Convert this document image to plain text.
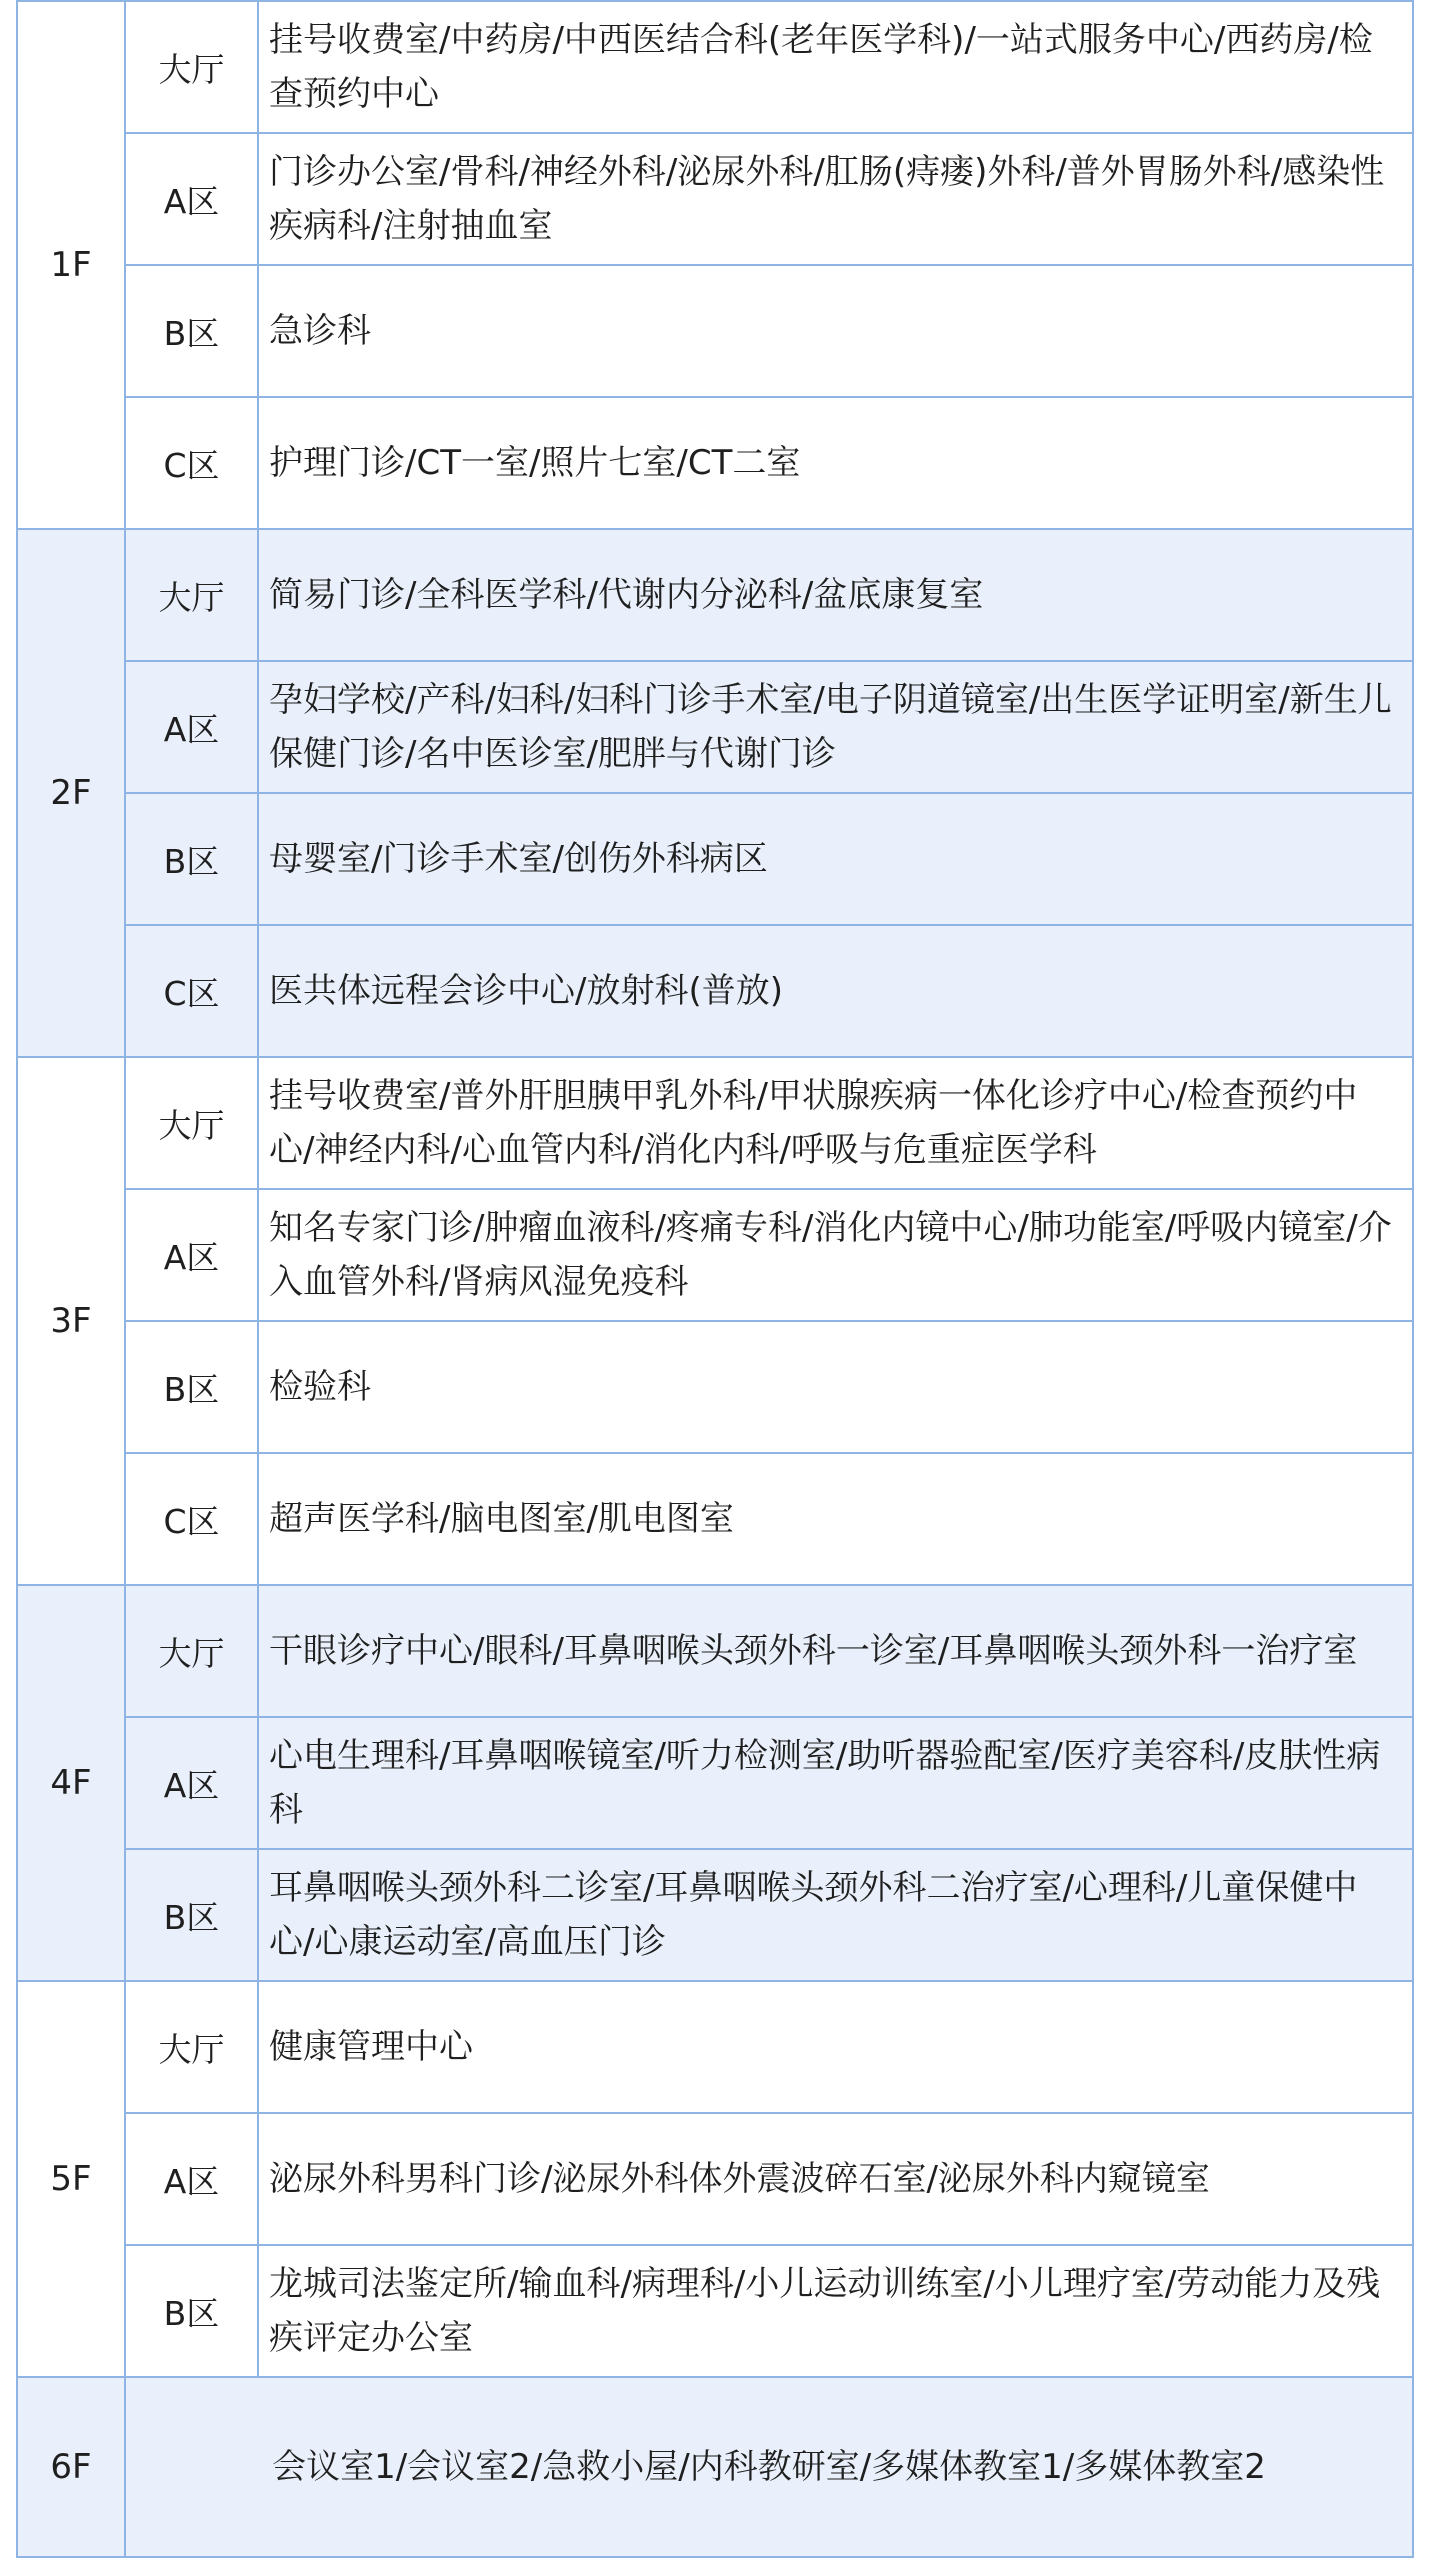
1F	大厅	挂号收费室/中药房/中西医结合科(老年医学科)/一站式服务中心/西药房/检查预约中心

	A区	门诊办公室/骨科/神经外科/泌尿外科/肛肠(痔瘘)外科/普外胃肠外科/感染性疾病科/注射抽血室

	B区	急诊科

	C区	护理门诊/CT一室/照片七室/CT二室

2F	大厅	简易门诊/全科医学科/代谢内分泌科/盆底康复室

	A区	孕妇学校/产科/妇科/妇科门诊手术室/电子阴道镜室/出生医学证明室/新生儿保健门诊/名中医诊室/肥胖与代谢门诊

	B区	母婴室/门诊手术室/创伤外科病区

	C区	医共体远程会诊中心/放射科(普放)

3F	大厅	挂号收费室/普外肝胆胰甲乳外科/甲状腺疾病一体化诊疗中心/检查预约中心/神经内科/心血管内科/消化内科/呼吸与危重症医学科

	A区	知名专家门诊/肿瘤血液科/疼痛专科/消化内镜中心/肺功能室/呼吸内镜室/介入血管外科/肾病风湿免疫科

	B区	检验科

	C区	超声医学科/脑电图室/肌电图室

4F	大厅	干眼诊疗中心/眼科/耳鼻咽喉头颈外科一诊室/耳鼻咽喉头颈外科一治疗室

	A区	心电生理科/耳鼻咽喉镜室/听力检测室/助听器验配室/医疗美容科/皮肤性病科

	B区	耳鼻咽喉头颈外科二诊室/耳鼻咽喉头颈外科二治疗室/心理科/儿童保健中心/心康运动室/高血压门诊

5F	大厅	健康管理中心

	A区	泌尿外科男科门诊/泌尿外科体外震波碎石室/泌尿外科内窥镜室

	B区	龙城司法鉴定所/输血科/病理科/小儿运动训练室/小儿理疗室/劳动能力及残疾评定办公室

6F	会议室1/会议室2/急救小屋/内科教研室/多媒体教室1/多媒体教室2	
